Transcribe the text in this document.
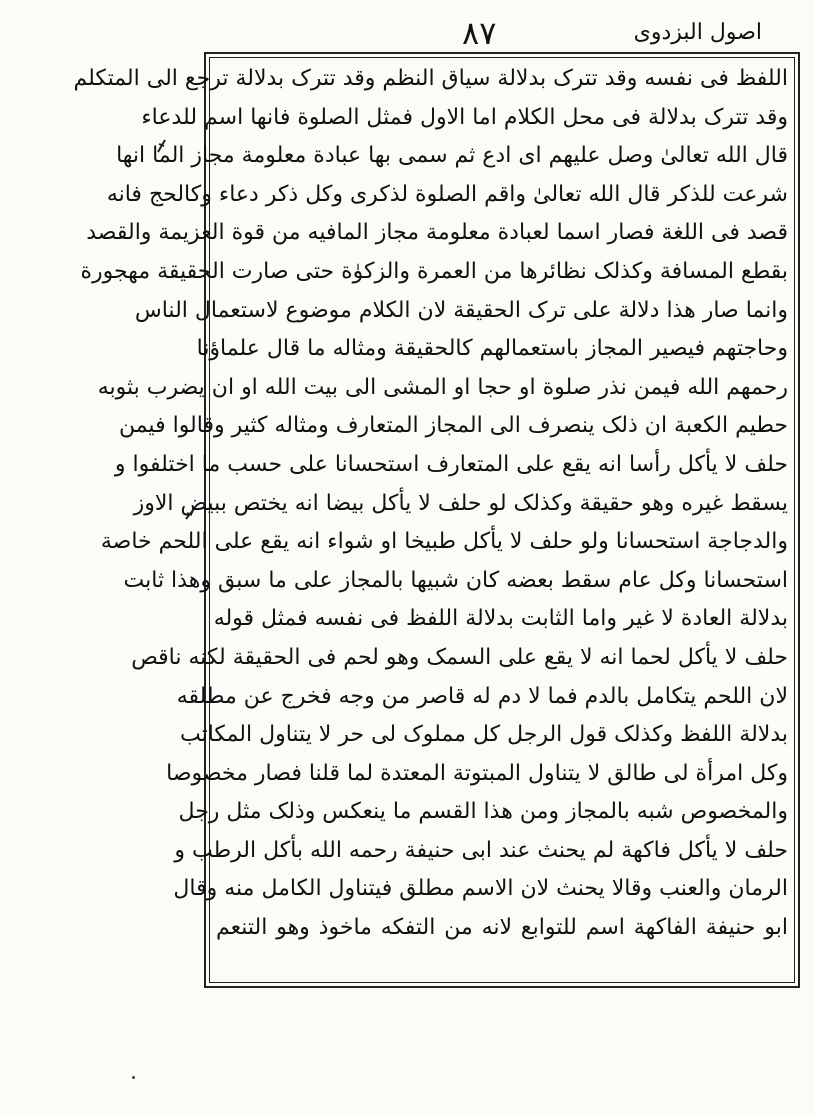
اصول البزدوی
۸۷
اللفظ فی نفسه وقد تترک بدلالة سیاق النظم وقد تترک بدلالة ترجع الی المتکلم
وقد تترک بدلالة فی محل الکلام اما الاول فمثل الصلوة فانها اسم للدعاء
قال الله تعالیٰ وصل علیهم ای ادع ثم سمی بها عبادة معلومة مجاز الما انها
شرعت للذکر قال الله تعالیٰ واقم الصلوة لذکری وکل ذکر دعاء وکالحج فانه
قصد فی اللغة فصار اسما لعبادة معلومة مجاز المافیه من قوة العزیمة والقصد
بقطع المسافة وکذلک نظائرها من العمرة والزکوٰة حتی صارت الحقیقة مهجورة
وانما صار هذا دلالة علی ترک الحقیقة لان الکلام موضوع لاستعمال الناس
وحاجتهم فیصیر المجاز باستعمالهم کالحقیقة ومثاله ما قال علماؤنا
رحمهم الله فیمن نذر صلوة او حجا او المشی الی بیت الله او ان یضرب بثوبه
حطیم الکعبة ان ذلک ینصرف الی المجاز المتعارف ومثاله کثیر وقالوا فیمن
حلف لا یأکل رأسا انه یقع علی المتعارف استحسانا علی حسب ما اختلفوا و
یسقط غیره وهو حقیقة وکذلک لو حلف لا یأکل بیضا انه یختص ببیض الاوز
والدجاجة استحسانا ولو حلف لا یأکل طبیخا او شواء انه یقع علی اللحم خاصة
استحسانا وکل عام سقط بعضه کان شبیها بالمجاز علی ما سبق وهذا ثابت
بدلالة العادة لا غیر واما الثابت بدلالة اللفظ فی نفسه فمثل قوله
حلف لا یأکل لحما انه لا یقع علی السمک وهو لحم فی الحقیقة لکنه ناقص
لان اللحم یتکامل بالدم فما لا دم له قاصر من وجه فخرج عن مطلقه
بدلالة اللفظ وکذلک قول الرجل کل مملوک لی حر لا یتناول المکاتب
وکل امرأة لی طالق لا یتناول المبتوتة المعتدة لما قلنا فصار مخصوصا
والمخصوص شبه بالمجاز ومن هذا القسم ما ینعکس وذلک مثل رجل
حلف لا یأکل فاکهة لم یحنث عند ابی حنیفة رحمه الله بأکل الرطب و
الرمان والعنب وقالا یحنث لان الاسم مطلق فیتناول الکامل منه وقال
ابو حنیفة الفاکهة اسم للتوابع لانه من التفکه ماخوذ وهو التنعم
